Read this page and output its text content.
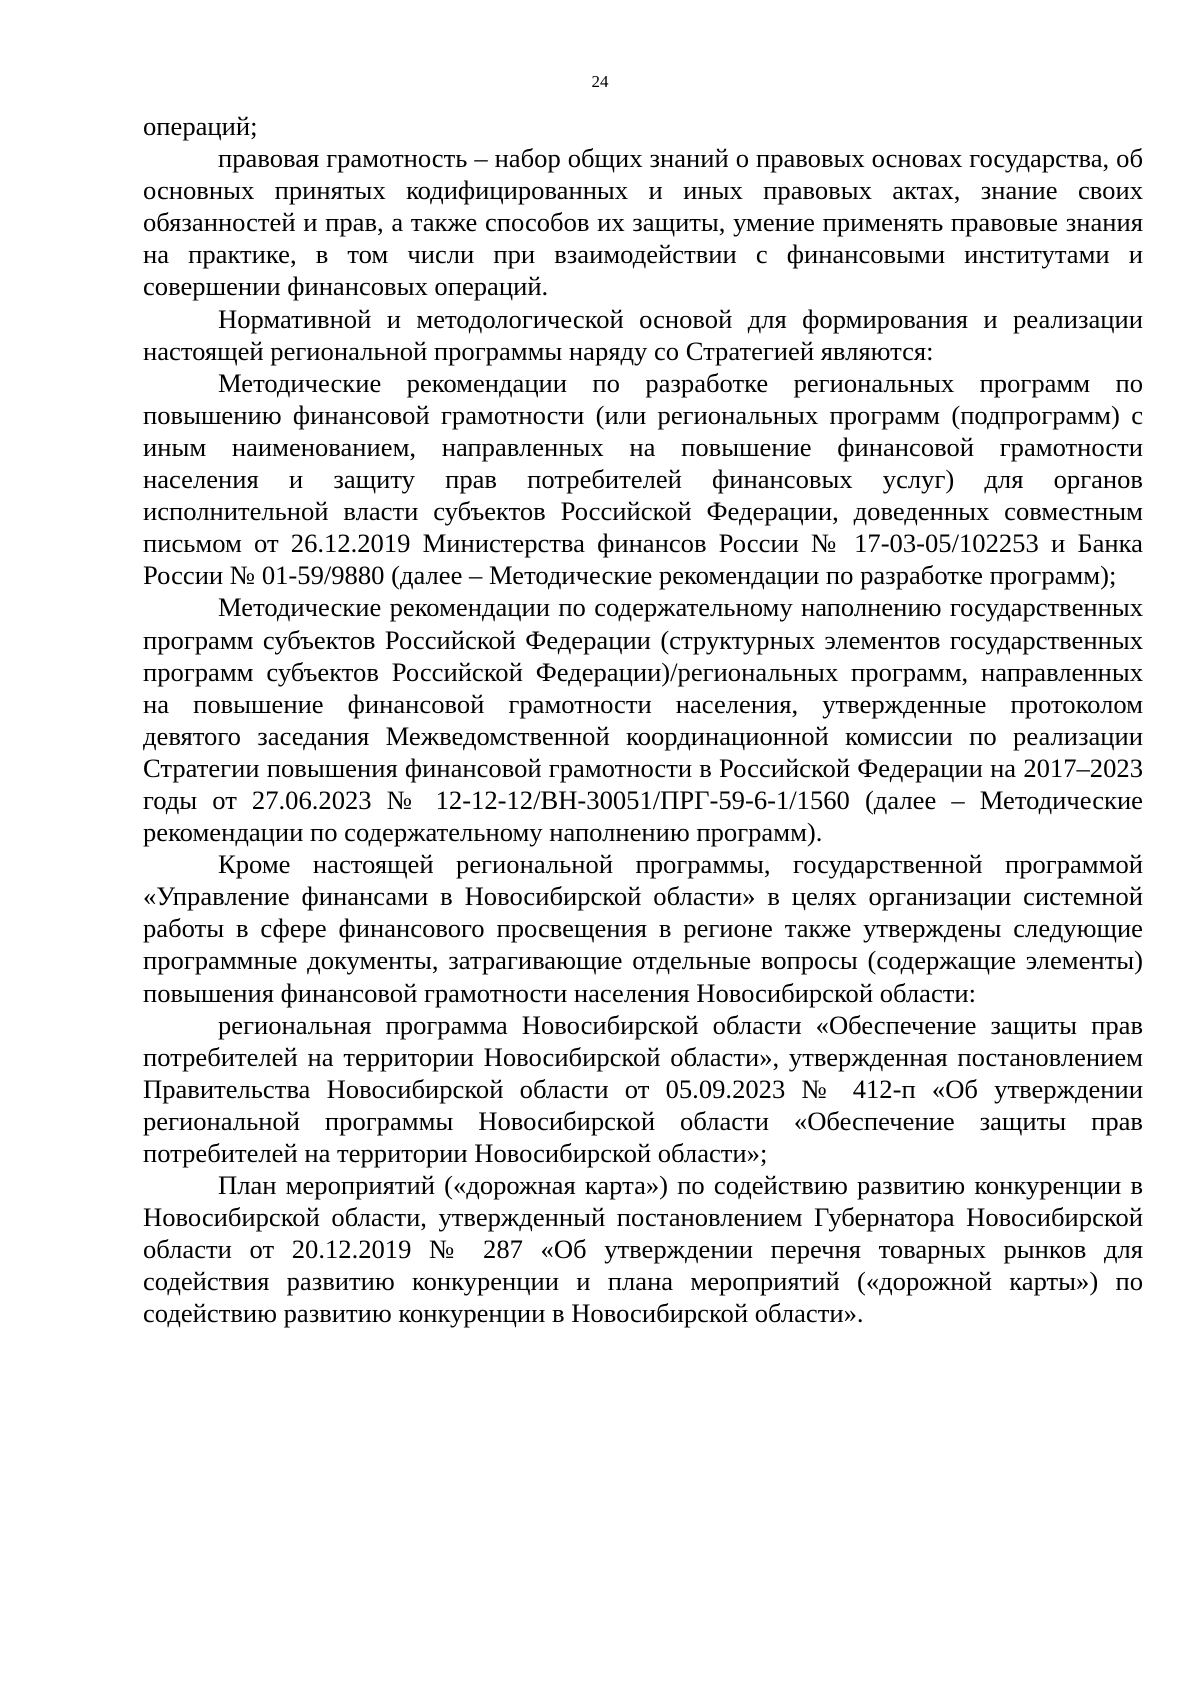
24

операций;

правовая грамотность – набор общих знаний о правовых основах государства, об основных принятых кодифицированных и иных правовых актах, знание своих обязанностей и прав, а также способов их защиты, умение применять правовые знания на практике, в том числи при взаимодействии с финансовыми институтами и совершении финансовых операций.

Нормативной и методологической основой для формирования и реализации настоящей региональной программы наряду со Стратегией являются:

Методические рекомендации по разработке региональных программ по повышению финансовой грамотности (или региональных программ (подпрограмм) с иным наименованием, направленных на повышение финансовой грамотности населения и защиту прав потребителей финансовых услуг) для органов исполнительной власти субъектов Российской Федерации, доведенных совместным письмом от 26.12.2019 Министерства финансов России № 17-03-05/102253 и Банка России № 01-59/9880 (далее – Методические рекомендации по разработке программ);

Методические рекомендации по содержательному наполнению государственных программ субъектов Российской Федерации (структурных элементов государственных программ субъектов Российской Федерации)/региональных программ, направленных на повышение финансовой грамотности населения, утвержденные протоколом девятого заседания Межведомственной координационной комиссии по реализации Стратегии повышения финансовой грамотности в Российской Федерации на 2017–2023 годы от 27.06.2023 № 12-12-12/ВН-30051/ПРГ-59-6-1/1560 (далее – Методические рекомендации по содержательному наполнению программ).

Кроме настоящей региональной программы, государственной программой «Управление финансами в Новосибирской области» в целях организации системной работы в сфере финансового просвещения в регионе также утверждены следующие программные документы, затрагивающие отдельные вопросы (содержащие элементы) повышения финансовой грамотности населения Новосибирской области:

региональная программа Новосибирской области «Обеспечение защиты прав потребителей на территории Новосибирской области», утвержденная постановлением Правительства Новосибирской области от 05.09.2023 № 412-п «Об утверждении региональной программы Новосибирской области «Обеспечение защиты прав потребителей на территории Новосибирской области»;

План мероприятий («дорожная карта») по содействию развитию конкуренции в Новосибирской области, утвержденный постановлением Губернатора Новосибирской области от 20.12.2019 № 287 «Об утверждении перечня товарных рынков для содействия развитию конкуренции и плана мероприятий («дорожной карты») по содействию развитию конкуренции в Новосибирской области».
